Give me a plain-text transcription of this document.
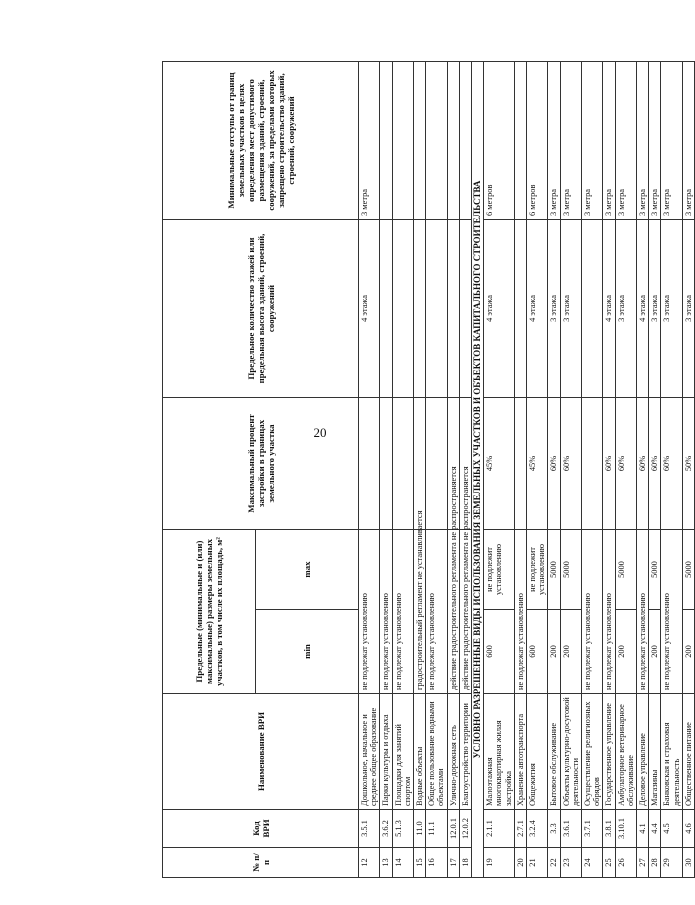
20
№ п/п	Код ВРИ	Наименование ВРИ	Предельные (минимальные и (или) максимальные) размеры земельных участков, в том числе их площадь, м²		Максимальный процент застройки в границах земельного участка	Предельное количество этажей или предельная высота зданий, строений, сооружений	Минимальные отступы от границ земельных участков в целях определения мест допустимого размещения зданий, строений, сооружений, за пределами которых запрещено строительство зданий, строений, сооружений
			min	max			
12	3.5.1	Дошкольное, начальное и среднее общее образование	не подлежат установлению			4 этажа	3 метра
13	3.6.2	Парки культуры и отдыха	не подлежат установлению				
14	5.1.3	Площадки для занятий спортом	не подлежат установлению				
15	11.0	Водные объекты	градостроительный регламент не устанавливается				
16	11.1	Общее пользование водными объектами	не подлежат установлению				
17	12.0.1	Улично-дорожная сеть	действие градостроительного регламента не распространяется				
18	12.0.2	Благоустройство территории	действие градостроительного регламента не распространяется				
УСЛОВНО РАЗРЕШЕННЫЕ ВИДЫ ИСПОЛЬЗОВАНИЯ ЗЕМЕЛЬНЫХ УЧАСТКОВ И ОБЪЕКТОВ КАПИТАЛЬНОГО СТРОИТЕЛЬСТВА							
19	2.1.1	Малоэтажная многоквартирная жилая застройка	600	не подлежит установлению	45%	4 этажа	6 метров
20	2.7.1	Хранение автотранспорта	не подлежат установлению				
21	3.2.4	Общежития	600	не подлежит установлению	45%	4 этажа	6 метров
22	3.3	Бытовое обслуживание	200	5000	60%	3 этажа	3 метра
23	3.6.1	Объекты культурно-досуговой деятельности	200	5000	60%	3 этажа	3 метра
24	3.7.1	Осуществление религиозных обрядов	не подлежат установлению				3 метра
25	3.8.1	Государственное управление	не подлежат установлению		60%	4 этажа	3 метра
26	3.10.1	Амбулаторное ветеринарное обслуживание	200	5000	60%	3 этажа	3 метра
27	4.1	Деловое управление	не подлежат установлению		60%	4 этажа	3 метра
28	4.4	Магазины	200	5000	60%	3 этажа	3 метра
29	4.5	Банковская и страховая деятельность	не подлежат установлению		60%	3 этажа	3 метра
30	4.6	Общественное питание	200	5000	50%	3 этажа	3 метра
